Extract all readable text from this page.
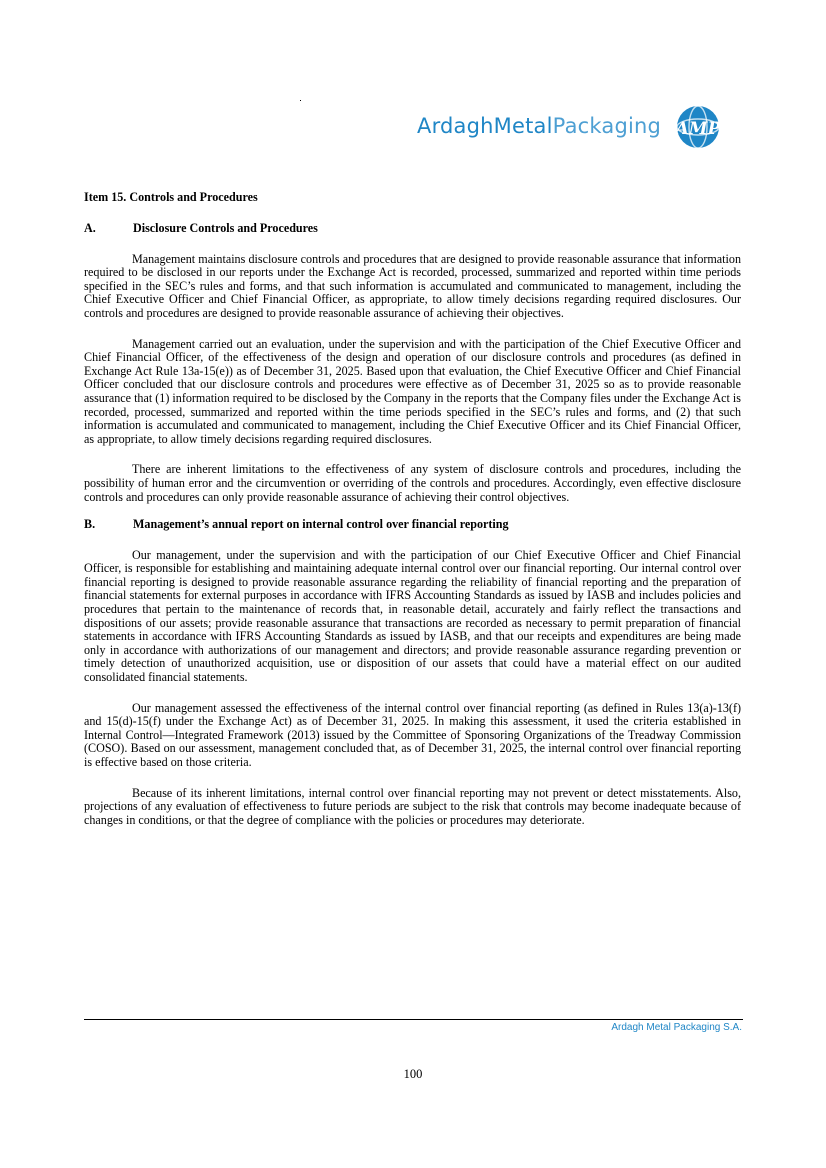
ArdaghMetalPackaging AMP

Item 15. Controls and Procedures

A.	Disclosure Controls and Procedures

Management maintains disclosure controls and procedures that are designed to provide reasonable assurance that information required to be disclosed in our reports under the Exchange Act is recorded, processed, summarized and reported within time periods specified in the SEC’s rules and forms, and that such information is accumulated and communicated to management, including the Chief Executive Officer and Chief Financial Officer, as appropriate, to allow timely decisions regarding required disclosures. Our controls and procedures are designed to provide reasonable assurance of achieving their objectives.

Management carried out an evaluation, under the supervision and with the participation of the Chief Executive Officer and Chief Financial Officer, of the effectiveness of the design and operation of our disclosure controls and procedures (as defined in Exchange Act Rule 13a-15(e)) as of December 31, 2025. Based upon that evaluation, the Chief Executive Officer and Chief Financial Officer concluded that our disclosure controls and procedures were effective as of December 31, 2025 so as to provide reasonable assurance that (1) information required to be disclosed by the Company in the reports that the Company files under the Exchange Act is recorded, processed, summarized and reported within the time periods specified in the SEC’s rules and forms, and (2) that such information is accumulated and communicated to management, including the Chief Executive Officer and its Chief Financial Officer, as appropriate, to allow timely decisions regarding required disclosures.

There are inherent limitations to the effectiveness of any system of disclosure controls and procedures, including the possibility of human error and the circumvention or overriding of the controls and procedures. Accordingly, even effective disclosure controls and procedures can only provide reasonable assurance of achieving their control objectives.

B.	Management’s annual report on internal control over financial reporting

Our management, under the supervision and with the participation of our Chief Executive Officer and Chief Financial Officer, is responsible for establishing and maintaining adequate internal control over our financial reporting. Our internal control over financial reporting is designed to provide reasonable assurance regarding the reliability of financial reporting and the preparation of financial statements for external purposes in accordance with IFRS Accounting Standards as issued by IASB and includes policies and procedures that pertain to the maintenance of records that, in reasonable detail, accurately and fairly reflect the transactions and dispositions of our assets; provide reasonable assurance that transactions are recorded as necessary to permit preparation of financial statements in accordance with IFRS Accounting Standards as issued by IASB, and that our receipts and expenditures are being made only in accordance with authorizations of our management and directors; and provide reasonable assurance regarding prevention or timely detection of unauthorized acquisition, use or disposition of our assets that could have a material effect on our audited consolidated financial statements.

Our management assessed the effectiveness of the internal control over financial reporting (as defined in Rules 13(a)-13(f) and 15(d)-15(f) under the Exchange Act) as of December 31, 2025. In making this assessment, it used the criteria established in Internal Control—Integrated Framework (2013) issued by the Committee of Sponsoring Organizations of the Treadway Commission (COSO). Based on our assessment, management concluded that, as of December 31, 2025, the internal control over financial reporting is effective based on those criteria.

Because of its inherent limitations, internal control over financial reporting may not prevent or detect misstatements. Also, projections of any evaluation of effectiveness to future periods are subject to the risk that controls may become inadequate because of changes in conditions, or that the degree of compliance with the policies or procedures may deteriorate.

Ardagh Metal Packaging S.A.
100
